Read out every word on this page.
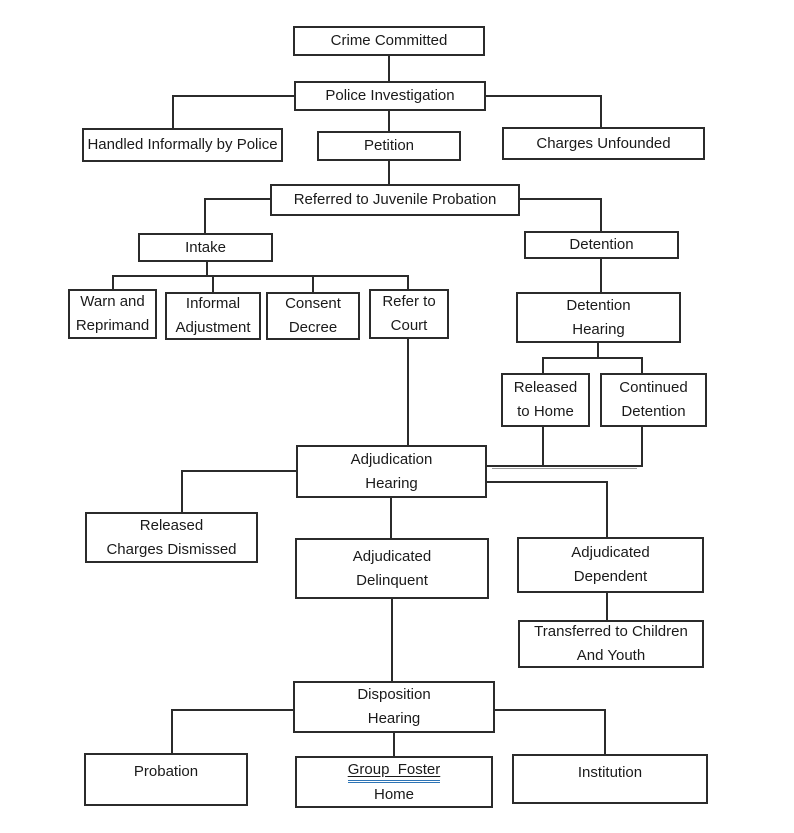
Crime Committed
Police Investigation
Handled Informally by Police	Petition	Charges Unfounded
Referred to Juvenile Probation
Intake	Detention
Warn and
Reprimand
Informal
Adjustment
Consent
Decree
Refer to
Court
Detention
Hearing
Released
to Home
Continued
Detention
Adjudication
Hearing
Released
Charges Dismissed	Adjudicated
Delinquent
Adjudicated
Dependent
Transferred to Children
And Youth
Disposition
Hearing
Probation	Group  Foster
Home
Institution
